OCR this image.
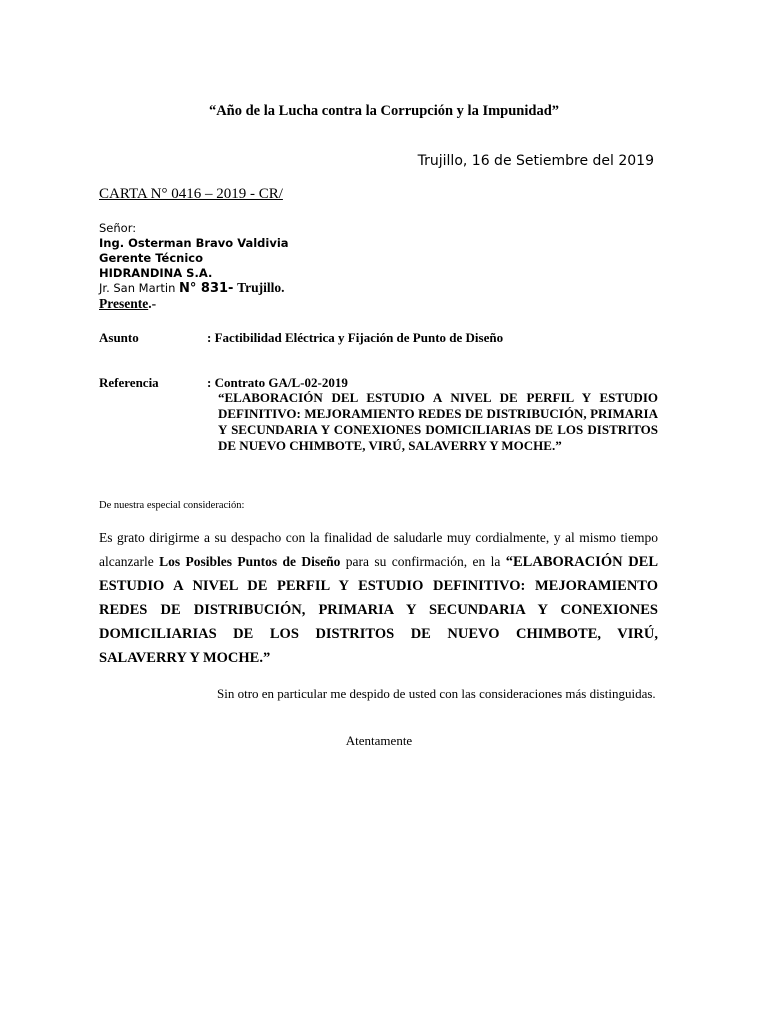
“Año de la Lucha contra la Corrupción y la Impunidad”
Trujillo, 16 de Setiembre del 2019
CARTA N° 0416 – 2019 - CR/
Señor:
Ing. Osterman Bravo Valdivia
Gerente Técnico
HIDRANDINA S.A.
Jr. San Martin N° 831- Trujillo.
Presente.-
Asunto	: Factibilidad Eléctrica y Fijación de Punto de Diseño
Referencia	: Contrato GA/L-02-2019
“ELABORACIÓN DEL ESTUDIO A NIVEL DE PERFIL Y ESTUDIO DEFINITIVO: MEJORAMIENTO REDES DE DISTRIBUCIÓN, PRIMARIA Y SECUNDARIA Y CONEXIONES DOMICILIARIAS DE LOS DISTRITOS DE NUEVO CHIMBOTE, VIRÚ, SALAVERRY Y MOCHE.”
De nuestra especial consideración:
Es grato dirigirme a su despacho con la finalidad de saludarle muy cordialmente, y al mismo tiempo alcanzarle Los Posibles Puntos de Diseño para su confirmación, en la “ELABORACIÓN DEL ESTUDIO A NIVEL DE PERFIL Y ESTUDIO DEFINITIVO: MEJORAMIENTO REDES DE DISTRIBUCIÓN, PRIMARIA Y SECUNDARIA Y CONEXIONES DOMICILIARIAS DE LOS DISTRITOS DE NUEVO CHIMBOTE, VIRÚ, SALAVERRY Y MOCHE.”
Sin otro en particular me despido de usted con las consideraciones más distinguidas.
Atentamente
